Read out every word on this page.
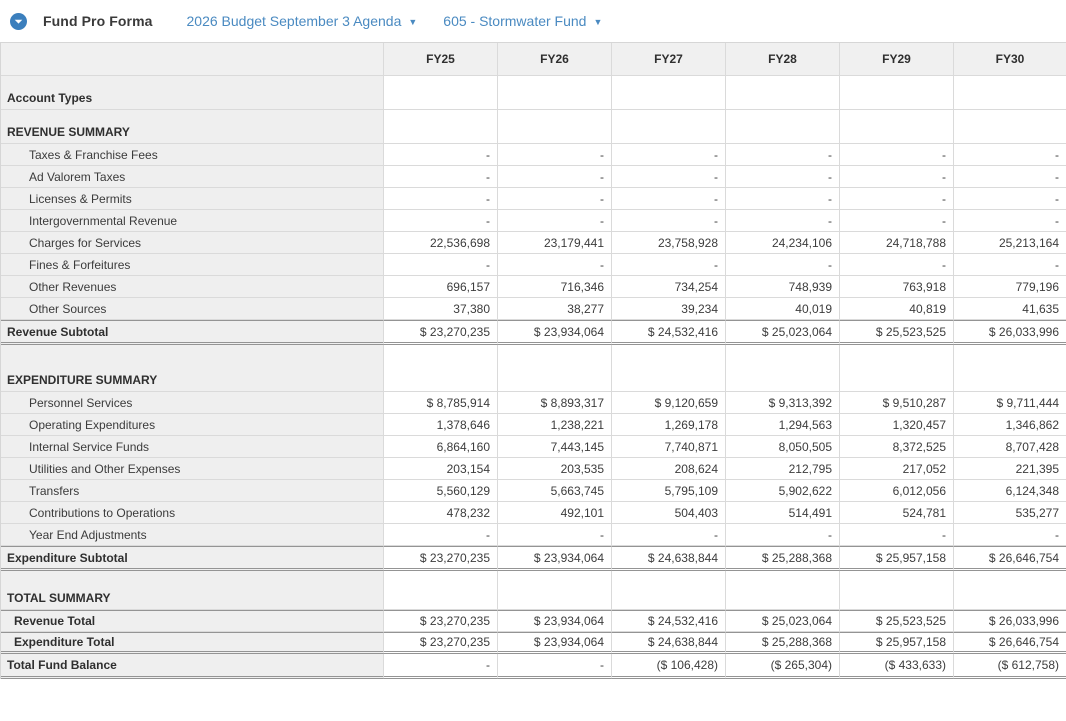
Fund Pro Forma 2026 Budget September 3 Agenda ▼ 605 - Stormwater Fund ▼
	FY25	FY26	FY27	FY28	FY29	FY30
Account Types						
REVENUE SUMMARY						
Taxes & Franchise Fees	-	-	-	-	-	-
Ad Valorem Taxes	-	-	-	-	-	-
Licenses & Permits	-	-	-	-	-	-
Intergovernmental Revenue	-	-	-	-	-	-
Charges for Services	22,536,698	23,179,441	23,758,928	24,234,106	24,718,788	25,213,164
Fines & Forfeitures	-	-	-	-	-	-
Other Revenues	696,157	716,346	734,254	748,939	763,918	779,196
Other Sources	37,380	38,277	39,234	40,019	40,819	41,635
Revenue Subtotal	$ 23,270,235	$ 23,934,064	$ 24,532,416	$ 25,023,064	$ 25,523,525	$ 26,033,996
EXPENDITURE SUMMARY						
Personnel Services	$ 8,785,914	$ 8,893,317	$ 9,120,659	$ 9,313,392	$ 9,510,287	$ 9,711,444
Operating Expenditures	1,378,646	1,238,221	1,269,178	1,294,563	1,320,457	1,346,862
Internal Service Funds	6,864,160	7,443,145	7,740,871	8,050,505	8,372,525	8,707,428
Utilities and Other Expenses	203,154	203,535	208,624	212,795	217,052	221,395
Transfers	5,560,129	5,663,745	5,795,109	5,902,622	6,012,056	6,124,348
Contributions to Operations	478,232	492,101	504,403	514,491	524,781	535,277
Year End Adjustments	-	-	-	-	-	-
Expenditure Subtotal	$ 23,270,235	$ 23,934,064	$ 24,638,844	$ 25,288,368	$ 25,957,158	$ 26,646,754
TOTAL SUMMARY						
Revenue Total	$ 23,270,235	$ 23,934,064	$ 24,532,416	$ 25,023,064	$ 25,523,525	$ 26,033,996
Expenditure Total	$ 23,270,235	$ 23,934,064	$ 24,638,844	$ 25,288,368	$ 25,957,158	$ 26,646,754
Total Fund Balance	-	-	($ 106,428)	($ 265,304)	($ 433,633)	($ 612,758)
